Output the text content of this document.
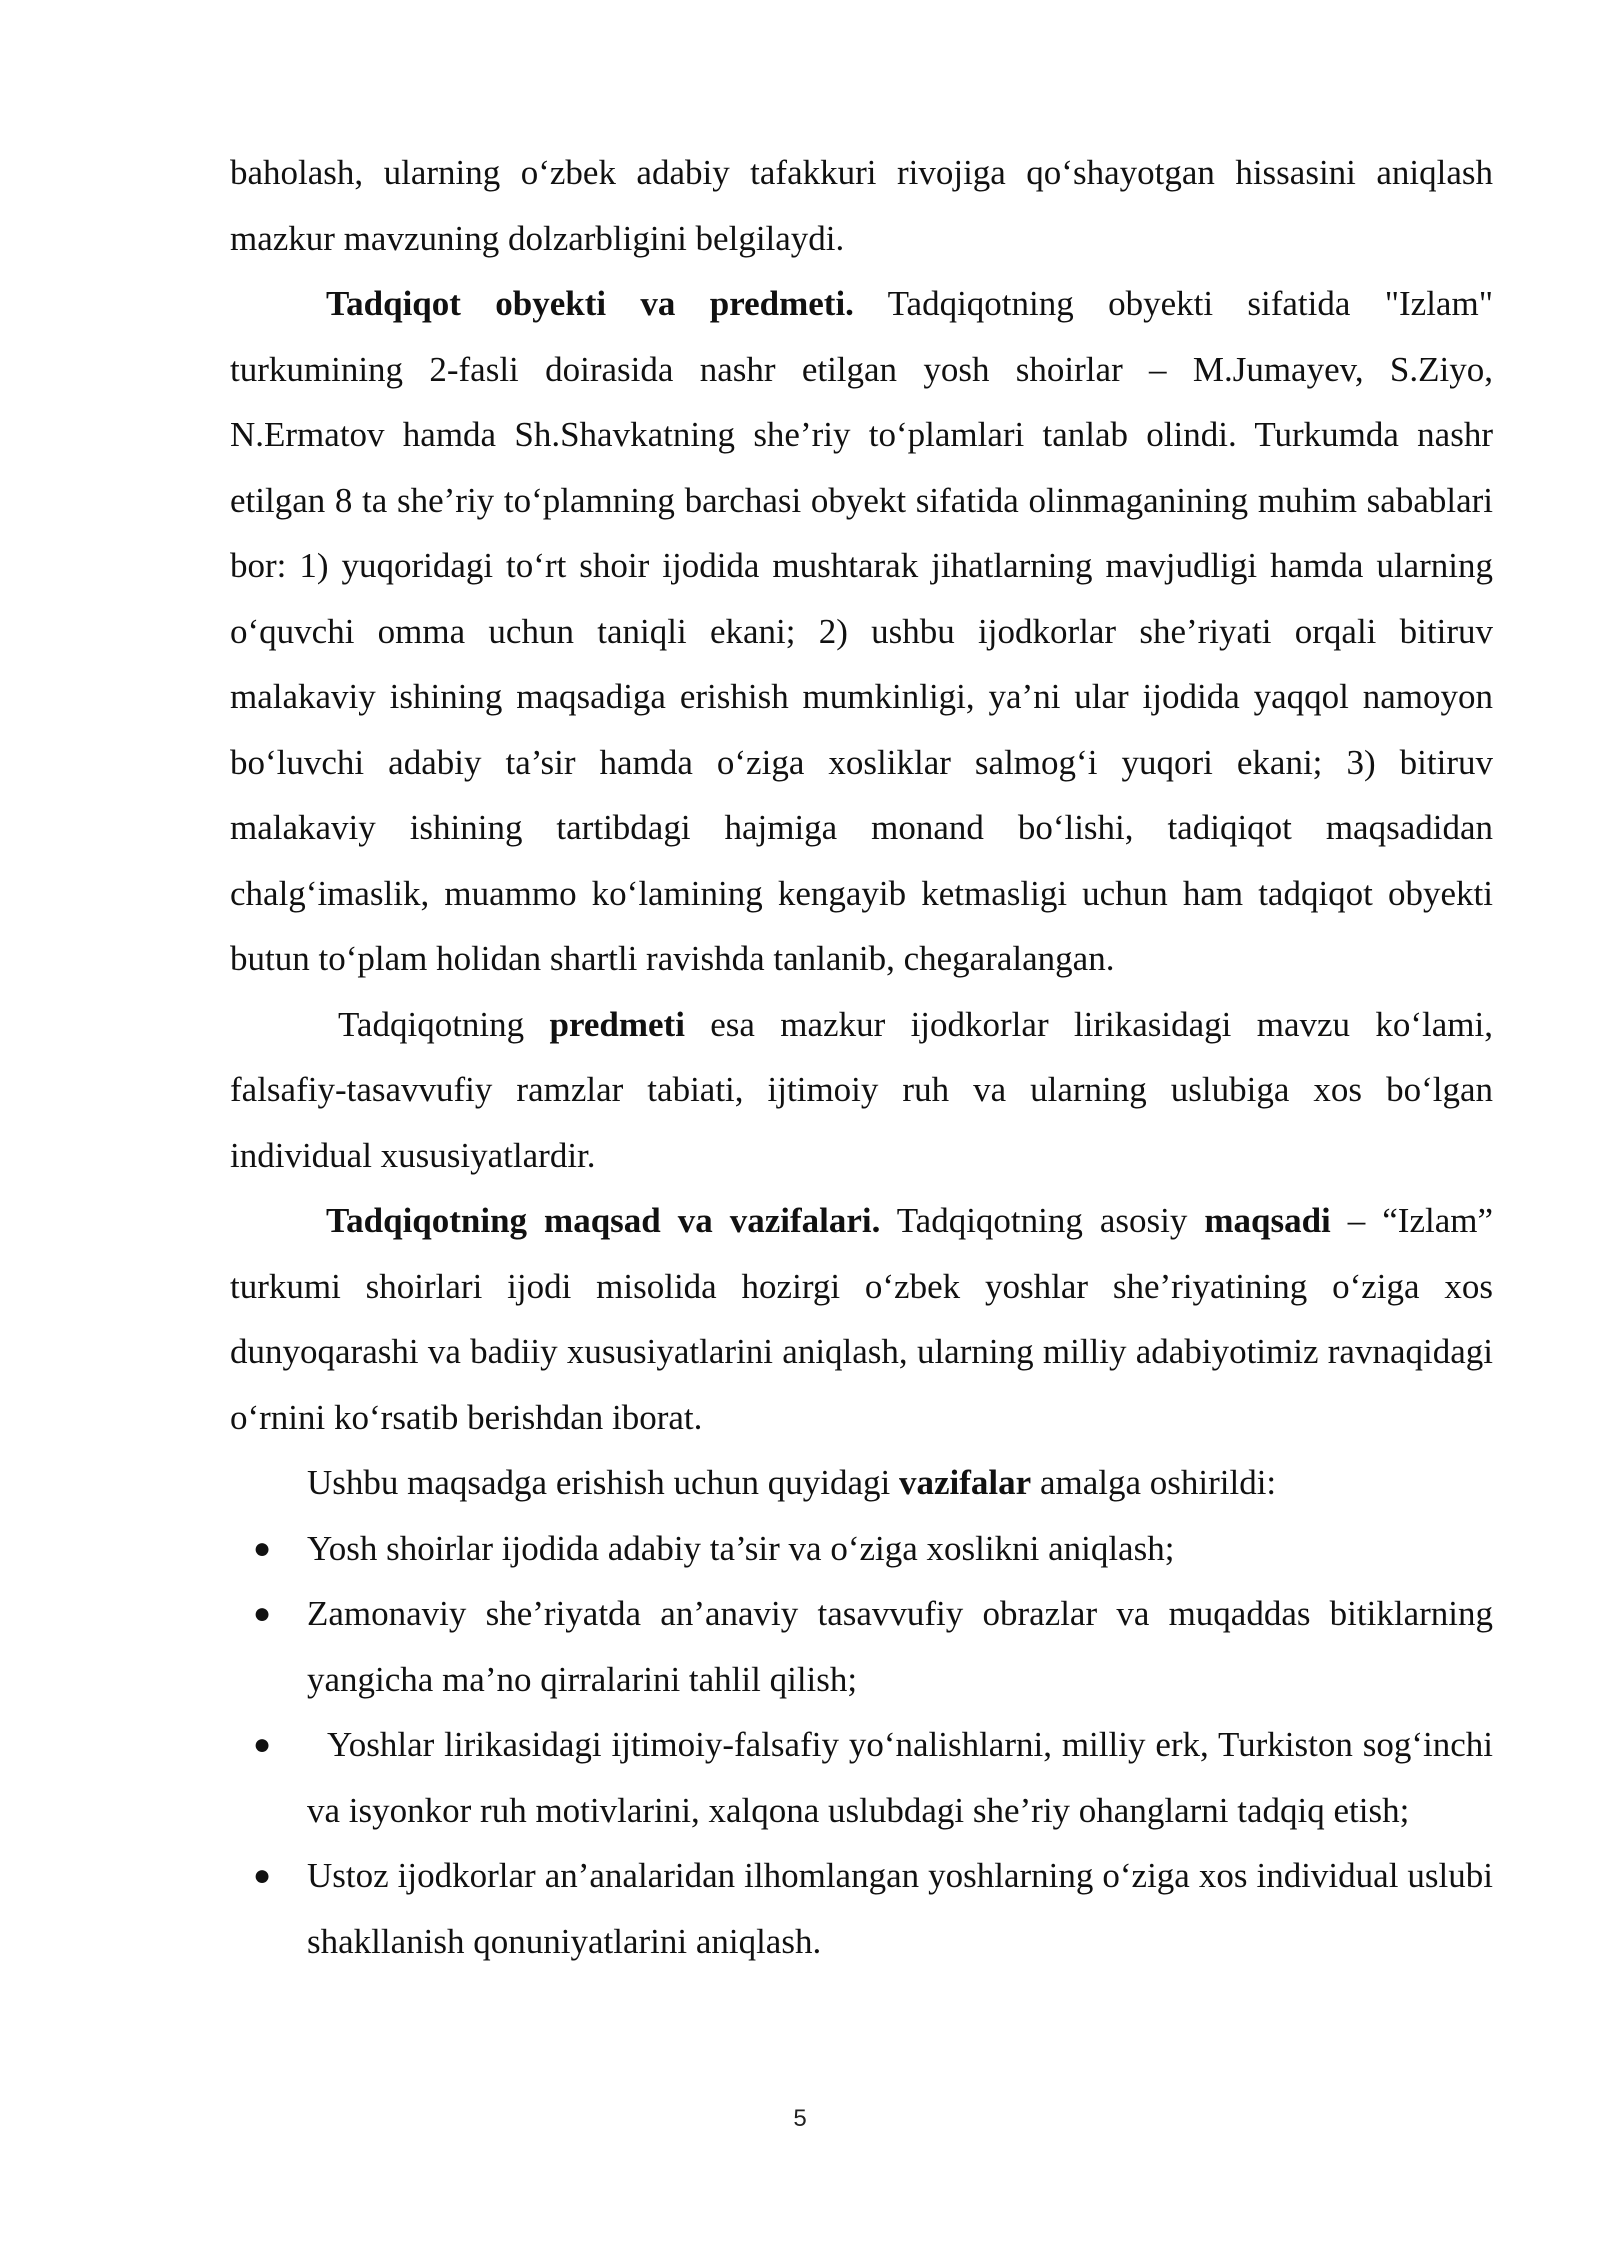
baholash, ularning o‘zbek adabiy tafakkuri rivojiga qo‘shayotgan hissasini aniqlash mazkur mavzuning dolzarbligini belgilaydi.

Tadqiqot obyekti va predmeti. Tadqiqotning obyekti sifatida "Izlam" turkumining 2-fasli doirasida nashr etilgan yosh shoirlar – M.Jumayev, S.Ziyo, N.Ermatov hamda Sh.Shavkatning she’riy to‘plamlari tanlab olindi. Turkumda nashr etilgan 8 ta she’riy to‘plamning barchasi obyekt sifatida olinmaganining muhim sabablari bor: 1) yuqoridagi to‘rt shoir ijodida mushtarak jihatlarning mavjudligi hamda ularning o‘quvchi omma uchun taniqli ekani; 2) ushbu ijodkorlar she’riyati orqali bitiruv malakaviy ishining maqsadiga erishish mumkinligi, ya’ni ular ijodida yaqqol namoyon bo‘luvchi adabiy ta’sir hamda o‘ziga xosliklar salmog‘i yuqori ekani; 3) bitiruv malakaviy ishining tartibdagi hajmiga monand bo‘lishi, tadiqiqot maqsadidan chalg‘imaslik, muammo ko‘lamining kengayib ketmasligi uchun ham tadqiqot obyekti butun to‘plam holidan shartli ravishda tanlanib, chegaralangan.

Tadqiqotning predmeti esa mazkur ijodkorlar lirikasidagi mavzu ko‘lami, falsafiy-tasavvufiy ramzlar tabiati, ijtimoiy ruh va ularning uslubiga xos bo‘lgan individual xususiyatlardir.

Tadqiqotning maqsad va vazifalari. Tadqiqotning asosiy maqsadi – “Izlam” turkumi shoirlari ijodi misolida hozirgi o‘zbek yoshlar she’riyatining o‘ziga xos dunyoqarashi va badiiy xususiyatlarini aniqlash, ularning milliy adabiyotimiz ravnaqidagi o‘rnini ko‘rsatib berishdan iborat.

Ushbu maqsadga erishish uchun quyidagi vazifalar amalga oshirildi:

● Yosh shoirlar ijodida adabiy ta’sir va o‘ziga xoslikni aniqlash;
● Zamonaviy she’riyatda an’anaviy tasavvufiy obrazlar va muqaddas bitiklarning yangicha ma’no qirralarini tahlil qilish;
● Yoshlar lirikasidagi ijtimoiy-falsafiy yo‘nalishlarni, milliy erk, Turkiston sog‘inchi va isyonkor ruh motivlarini, xalqona uslubdagi she’riy ohanglarni tadqiq etish;
● Ustoz ijodkorlar an’analaridan ilhomlangan yoshlarning o‘ziga xos individual uslubi shakllanish qonuniyatlarini aniqlash.
5
